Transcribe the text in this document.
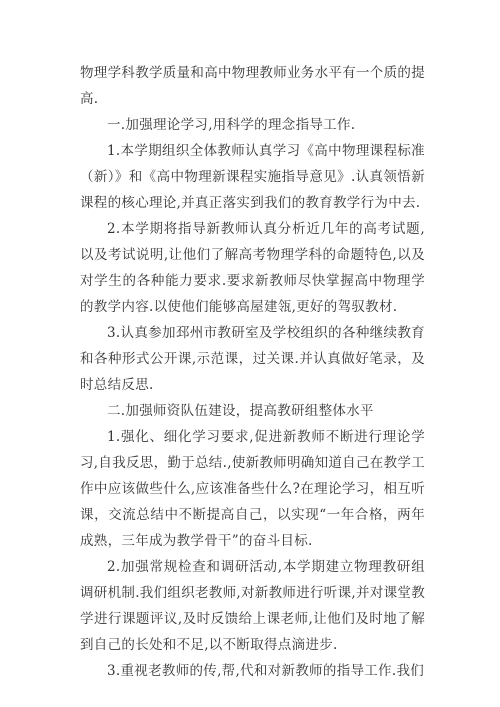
物理学科教学质量和高中物理教师业务水平有一个质的提高.

一.加强理论学习,用科学的理念指导工作.

1.本学期组织全体教师认真学习《高中物理课程标准（新）》和《高中物理新课程实施指导意见》.认真领悟新课程的核心理论,并真正落实到我们的教育教学行为中去.

2.本学期将指导新教师认真分析近几年的高考试题,以及考试说明,让他们了解高考物理学科的命题特色,以及对学生的各种能力要求.要求新教师尽快掌握高中物理学的教学内容.以使他们能够高屋建瓴,更好的驾驭教材.

3.认真参加邳州市教研室及学校组织的各种继续教育和各种形式公开课,示范课，过关课.并认真做好笔录，及时总结反思.

二.加强师资队伍建设，提高教研组整体水平

1.强化、细化学习要求,促进新教师不断进行理论学习,自我反思，勤于总结.,使新教师明确知道自己在教学工作中应该做些什么,应该准备些什么?在理论学习，相互听课，交流总结中不断提高自己，以实现“一年合格，两年成熟，三年成为教学骨干”的奋斗目标.

2.加强常规检查和调研活动,本学期建立物理教研组调研机制.我们组织老教师,对新教师进行听课,并对课堂教学进行课题评议,及时反馈给上课老师,让他们及时地了解到自己的长处和不足,以不断取得点滴进步.

3.重视老教师的传,帮,代和对新教师的指导工作.我们
